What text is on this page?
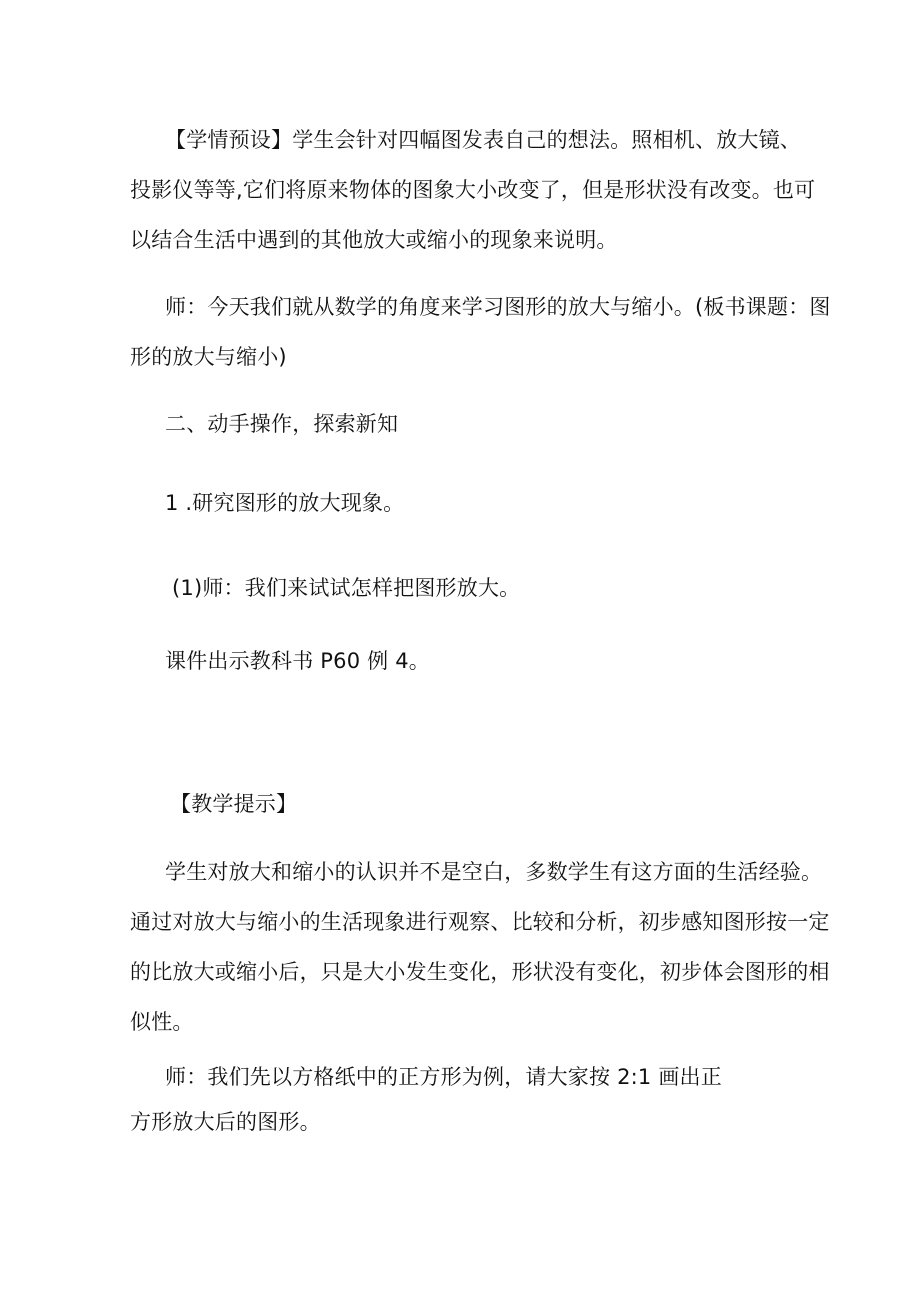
【学情预设】学生会针对四幅图发表自己的想法。照相机、放大镜、
投影仪等等,它们将原来物体的图象大小改变了，但是形状没有改变。也可
以结合生活中遇到的其他放大或缩小的现象来说明。
师：今天我们就从数学的角度来学习图形的放大与缩小。(板书课题：图
形的放大与缩小)
二、动手操作，探索新知
1 .研究图形的放大现象。
(1)师：我们来试试怎样把图形放大。
课件出示教科书 P60 例 4。
【教学提示】
学生对放大和缩小的认识并不是空白，多数学生有这方面的生活经验。
通过对放大与缩小的生活现象进行观察、比较和分析，初步感知图形按一定
的比放大或缩小后，只是大小发生变化，形状没有变化，初步体会图形的相
似性。
师：我们先以方格纸中的正方形为例，请大家按 2:1 画出正
方形放大后的图形。
